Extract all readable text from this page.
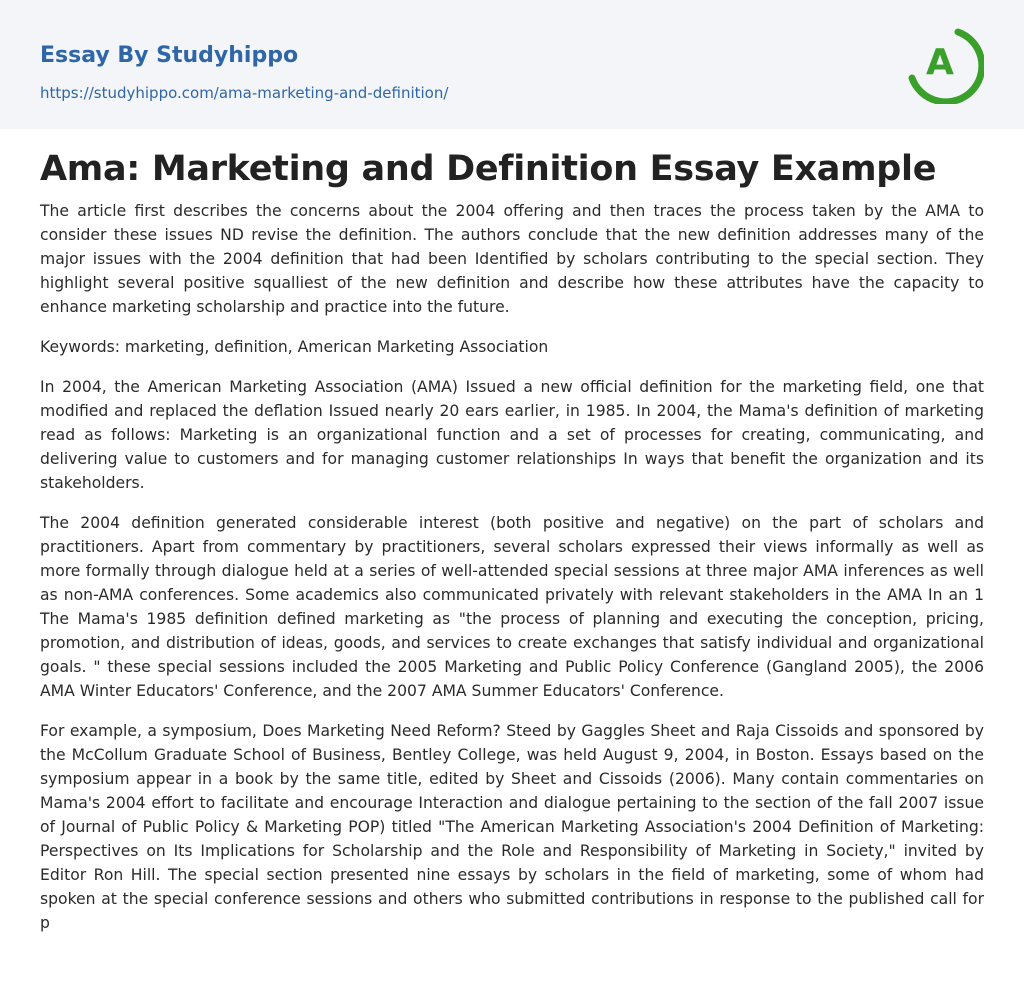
Essay By Studyhippo
https://studyhippo.com/ama-marketing-and-definition/
A
Ama: Marketing and Definition Essay Example

The article first describes the concerns about the 2004 offering and then traces the process taken by the AMA to consider these issues ND revise the definition. The authors conclude that the new definition addresses many of the major issues with the 2004 definition that had been Identified by scholars contributing to the special section. They highlight several positive squalliest of the new definition and describe how these attributes have the capacity to enhance marketing scholarship and practice into the future.

Keywords: marketing, definition, American Marketing Association

In 2004, the American Marketing Association (AMA) Issued a new official definition for the marketing field, one that modified and replaced the deflation Issued nearly 20 ears earlier, in 1985. In 2004, the Mama's definition of marketing read as follows: Marketing is an organizational function and a set of processes for creating, communicating, and delivering value to customers and for managing customer relationships In ways that benefit the organization and its stakeholders.

The 2004 definition generated considerable interest (both positive and negative) on the part of scholars and practitioners. Apart from commentary by practitioners, several scholars expressed their views informally as well as more formally through dialogue held at a series of well-attended special sessions at three major AMA inferences as well as non-AMA conferences. Some academics also communicated privately with relevant stakeholders in the AMA In an 1 The Mama's 1985 definition defined marketing as "the process of planning and executing the conception, pricing, promotion, and distribution of ideas, goods, and services to create exchanges that satisfy individual and organizational goals. " these special sessions included the 2005 Marketing and Public Policy Conference (Gangland 2005), the 2006 AMA Winter Educators' Conference, and the 2007 AMA Summer Educators' Conference.

For example, a symposium, Does Marketing Need Reform? Steed by Gaggles Sheet and Raja Cissoids and sponsored by the McCollum Graduate School of Business, Bentley College, was held August 9, 2004, in Boston. Essays based on the symposium appear in a book by the same title, edited by Sheet and Cissoids (2006). Many contain commentaries on Mama's 2004 effort to facilitate and encourage Interaction and dialogue pertaining to the section of the fall 2007 issue of Journal of Public Policy & Marketing POP) titled "The American Marketing Association's 2004 Definition of Marketing: Perspectives on Its Implications for Scholarship and the Role and Responsibility of Marketing in Society," invited by Editor Ron Hill. The special section presented nine essays by scholars in the field of marketing, some of whom had spoken at the special conference sessions and others who submitted contributions in response to the published call for p
